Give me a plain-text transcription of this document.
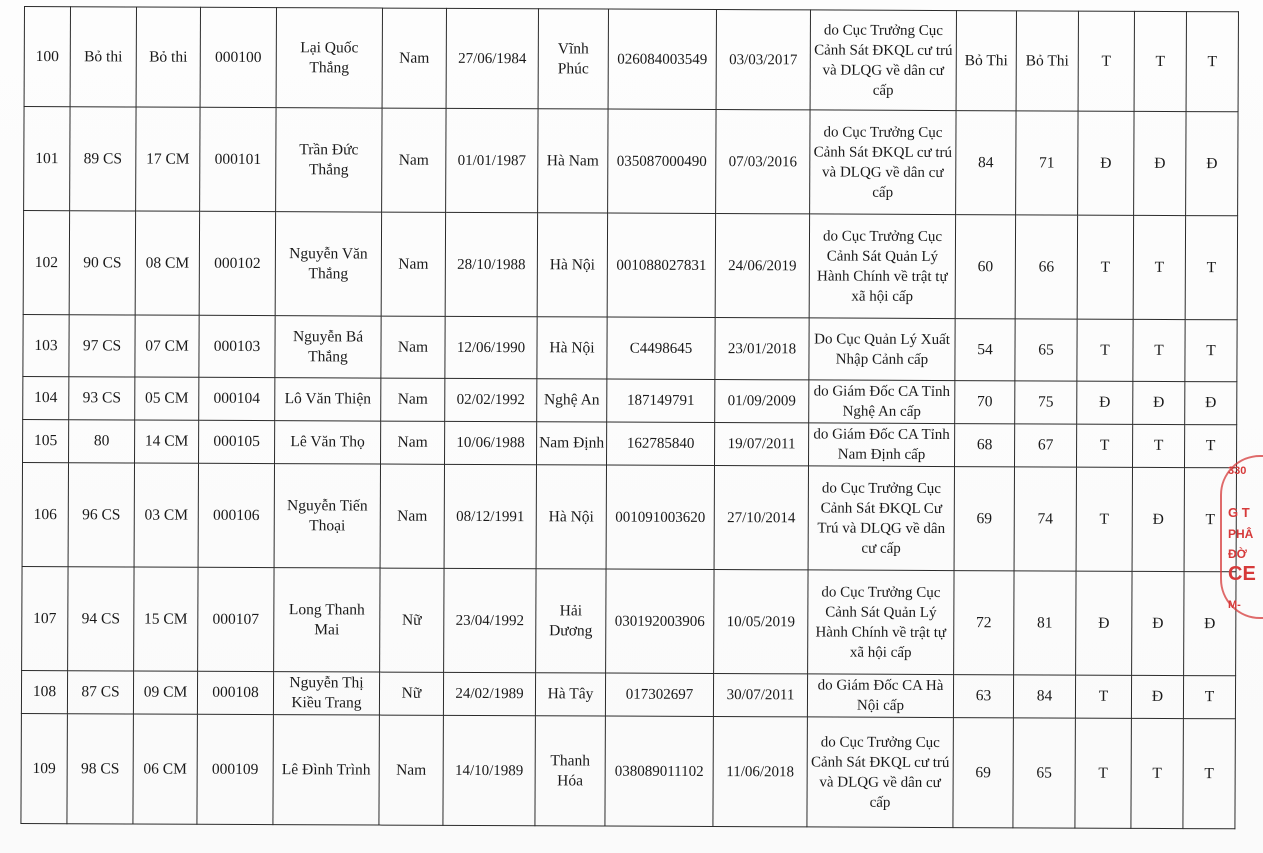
100	Bỏ thi	Bỏ thi	000100	Lại Quốc Thắng	Nam	27/06/1984	Vĩnh Phúc	026084003549	03/03/2017	do Cục Trưởng Cục Cảnh Sát ĐKQL cư trú và DLQG về dân cư cấp	Bỏ Thi	Bỏ Thi	T	T	T
101	89 CS	17 CM	000101	Trần Đức Thắng	Nam	01/01/1987	Hà Nam	035087000490	07/03/2016	do Cục Trưởng Cục Cảnh Sát ĐKQL cư trú và DLQG về dân cư cấp	84	71	Đ	Đ	Đ
102	90 CS	08 CM	000102	Nguyễn Văn Thắng	Nam	28/10/1988	Hà Nội	001088027831	24/06/2019	do Cục Trưởng Cục Cảnh Sát Quản Lý Hành Chính về trật tự xã hội cấp	60	66	T	T	T
103	97 CS	07 CM	000103	Nguyễn Bá Thắng	Nam	12/06/1990	Hà Nội	C4498645	23/01/2018	Do Cục Quản Lý Xuất Nhập Cảnh cấp	54	65	T	T	T
104	93 CS	05 CM	000104	Lô Văn Thiện	Nam	02/02/1992	Nghệ An	187149791	01/09/2009	do Giám Đốc CA Tỉnh Nghệ An cấp	70	75	Đ	Đ	Đ
105	80	14 CM	000105	Lê Văn Thọ	Nam	10/06/1988	Nam Định	162785840	19/07/2011	do Giám Đốc CA Tỉnh Nam Định cấp	68	67	T	T	T
106	96 CS	03 CM	000106	Nguyễn Tiến Thoại	Nam	08/12/1991	Hà Nội	001091003620	27/10/2014	do Cục Trưởng Cục Cảnh Sát ĐKQL Cư Trú và DLQG về dân cư cấp	69	74	T	Đ	T
107	94 CS	15 CM	000107	Long Thanh Mai	Nữ	23/04/1992	Hải Dương	030192003906	10/05/2019	do Cục Trưởng Cục Cảnh Sát Quản Lý Hành Chính về trật tự xã hội cấp	72	81	Đ	Đ	Đ
108	87 CS	09 CM	000108	Nguyễn Thị Kiều Trang	Nữ	24/02/1989	Hà Tây	017302697	30/07/2011	do Giám Đốc CA Hà Nội cấp	63	84	T	Đ	T
109	98 CS	06 CM	000109	Lê Đình Trình	Nam	14/10/1989	Thanh Hóa	038089011102	11/06/2018	do Cục Trưởng Cục Cảnh Sát ĐKQL cư trú và DLQG về dân cư cấp	69	65	T	T	T
330
G T
PHÂ
ĐỜ
CE
M-
